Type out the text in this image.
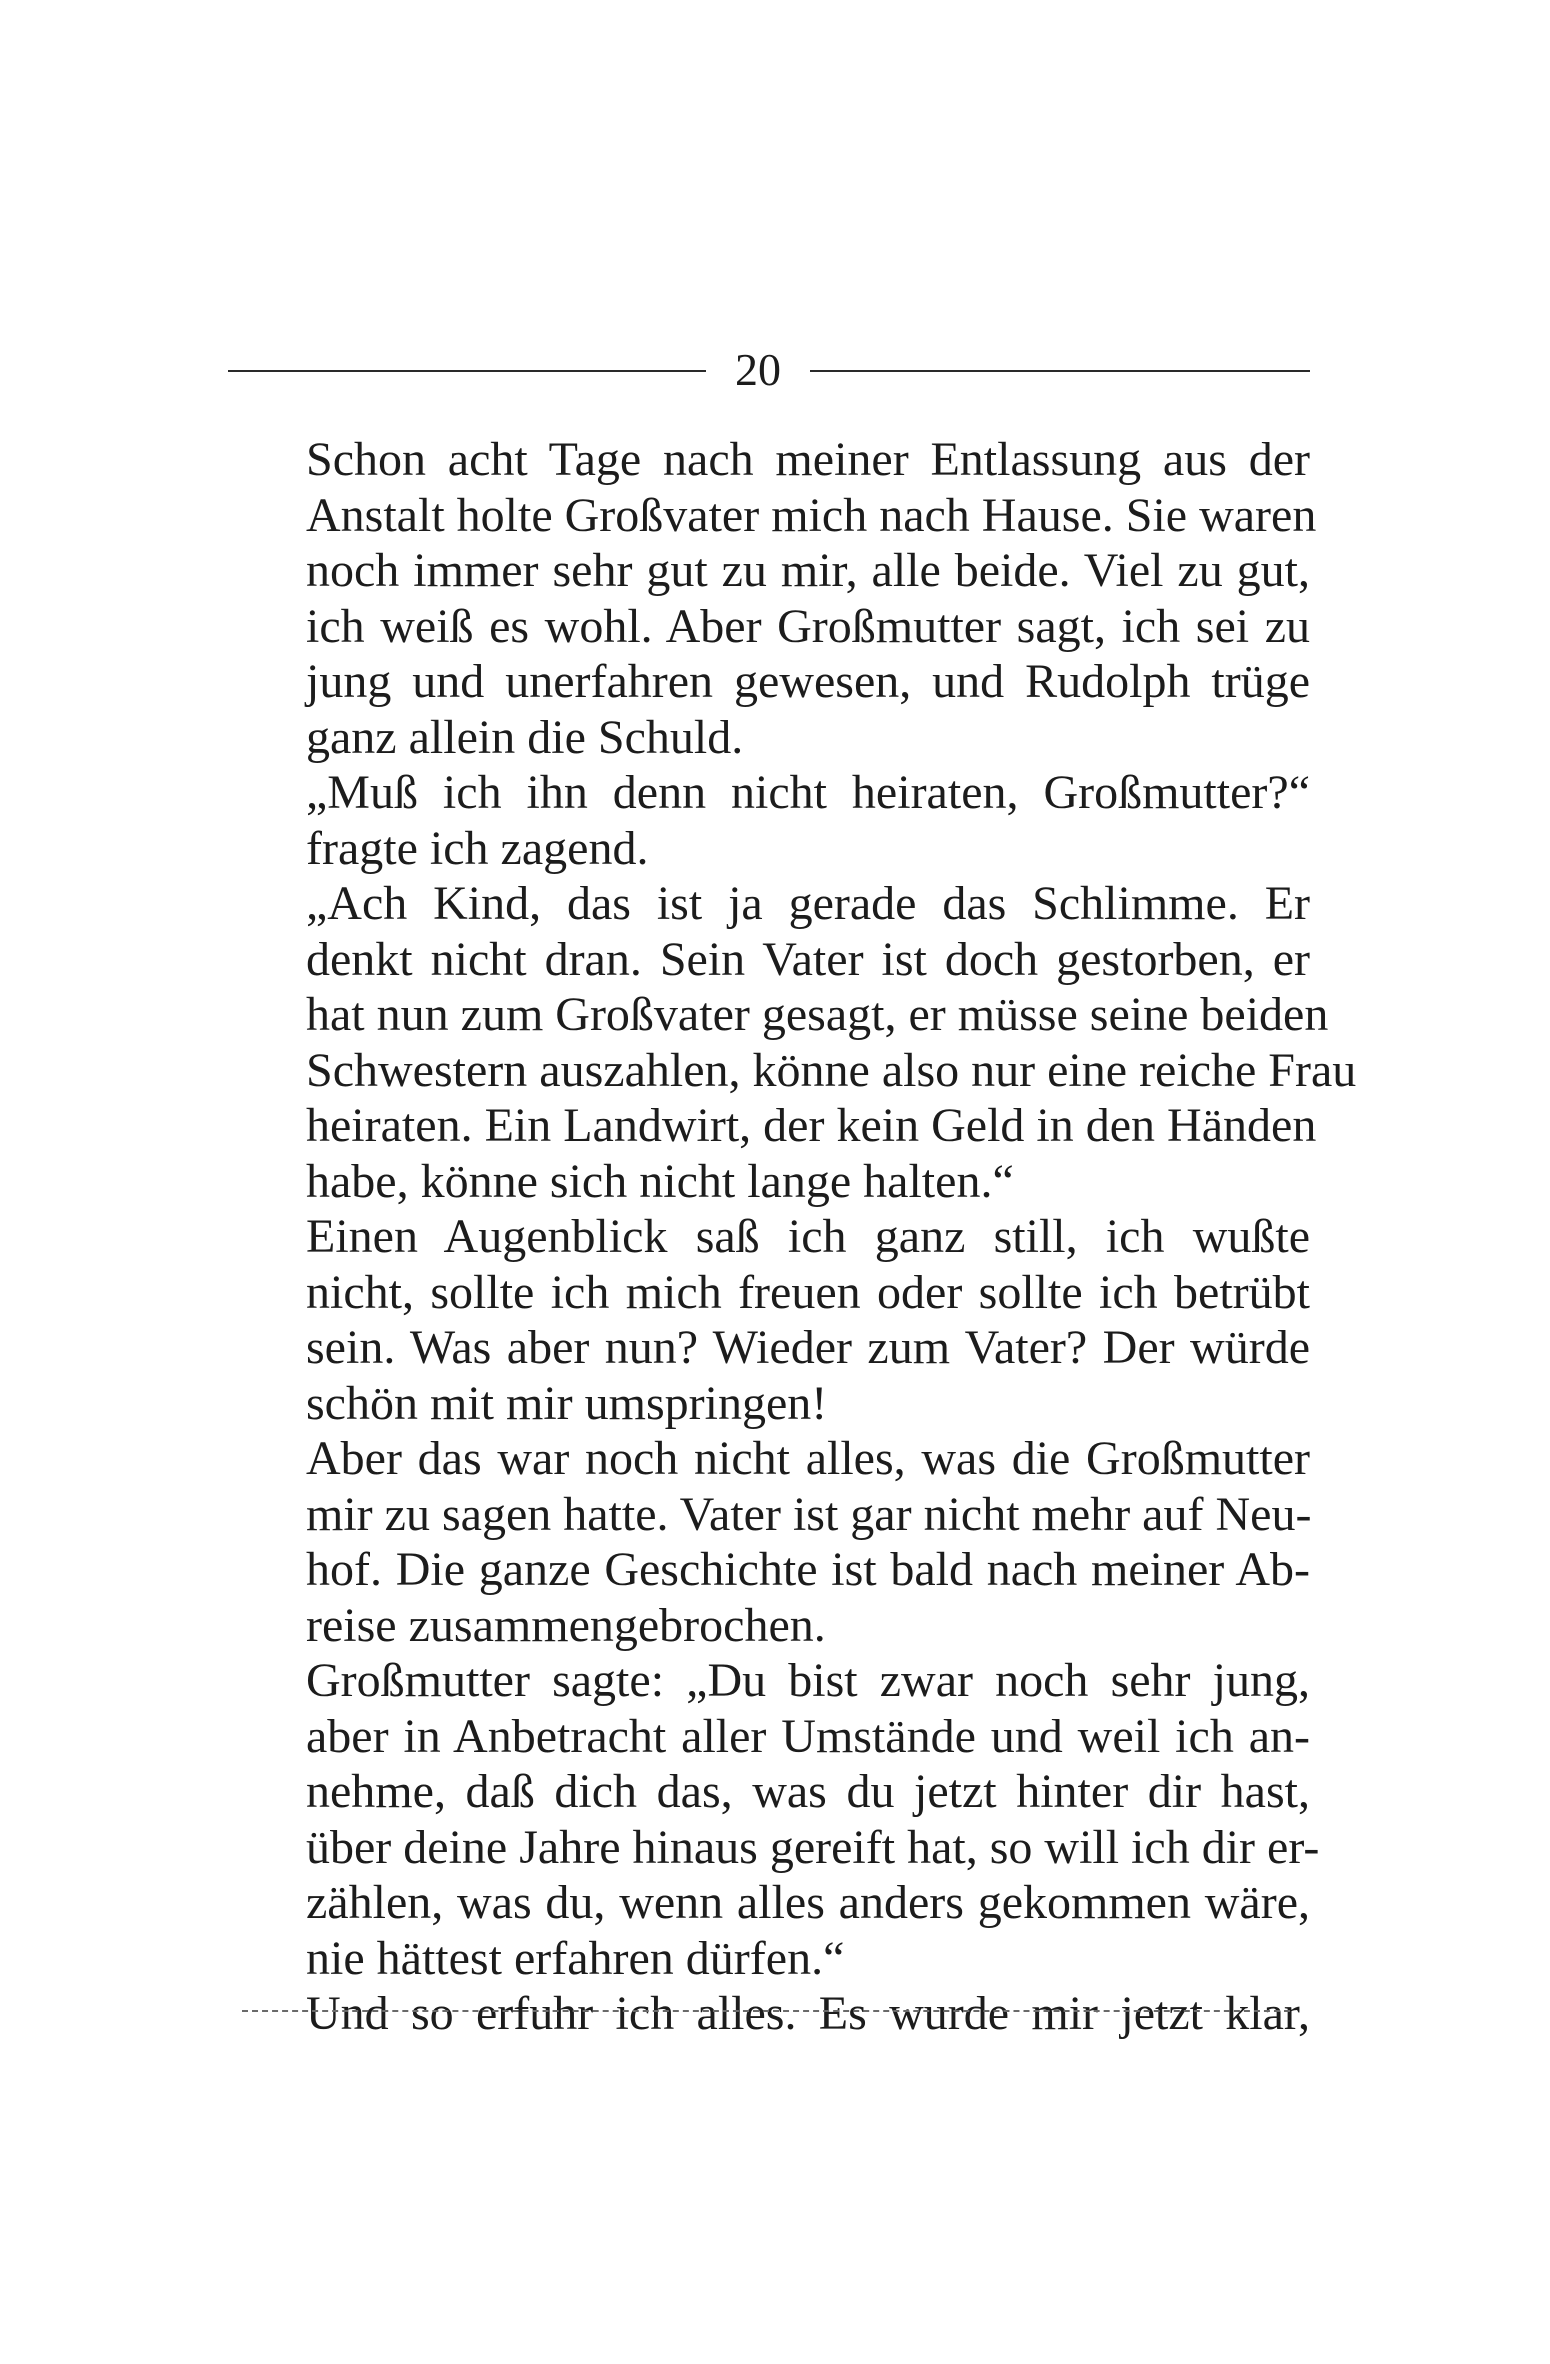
20

Schon acht Tage nach meiner Entlassung aus der
Anstalt holte Großvater mich nach Hause. Sie waren
noch immer sehr gut zu mir, alle beide. Viel zu gut,
ich weiß es wohl. Aber Großmutter sagt, ich sei zu
jung und unerfahren gewesen, und Rudolph trüge
ganz allein die Schuld.

„Muß ich ihn denn nicht heiraten, Großmutter?“
fragte ich zagend.

„Ach Kind, das ist ja gerade das Schlimme. Er
denkt nicht dran. Sein Vater ist doch gestorben, er
hat nun zum Großvater gesagt, er müsse seine beiden
Schwestern auszahlen, könne also nur eine reiche Frau
heiraten. Ein Landwirt, der kein Geld in den Händen
habe, könne sich nicht lange halten.“

Einen Augenblick saß ich ganz still, ich wußte
nicht, sollte ich mich freuen oder sollte ich betrübt
sein. Was aber nun? Wieder zum Vater? Der würde
schön mit mir umspringen!

Aber das war noch nicht alles, was die Großmutter
mir zu sagen hatte. Vater ist gar nicht mehr auf Neu-
hof. Die ganze Geschichte ist bald nach meiner Ab-
reise zusammengebrochen.

Großmutter sagte: „Du bist zwar noch sehr jung,
aber in Anbetracht aller Umstände und weil ich an-
nehme, daß dich das, was du jetzt hinter dir hast,
über deine Jahre hinaus gereift hat, so will ich dir er-
zählen, was du, wenn alles anders gekommen wäre,
nie hättest erfahren dürfen.“

Und so erfuhr ich alles. Es wurde mir jetzt klar,
